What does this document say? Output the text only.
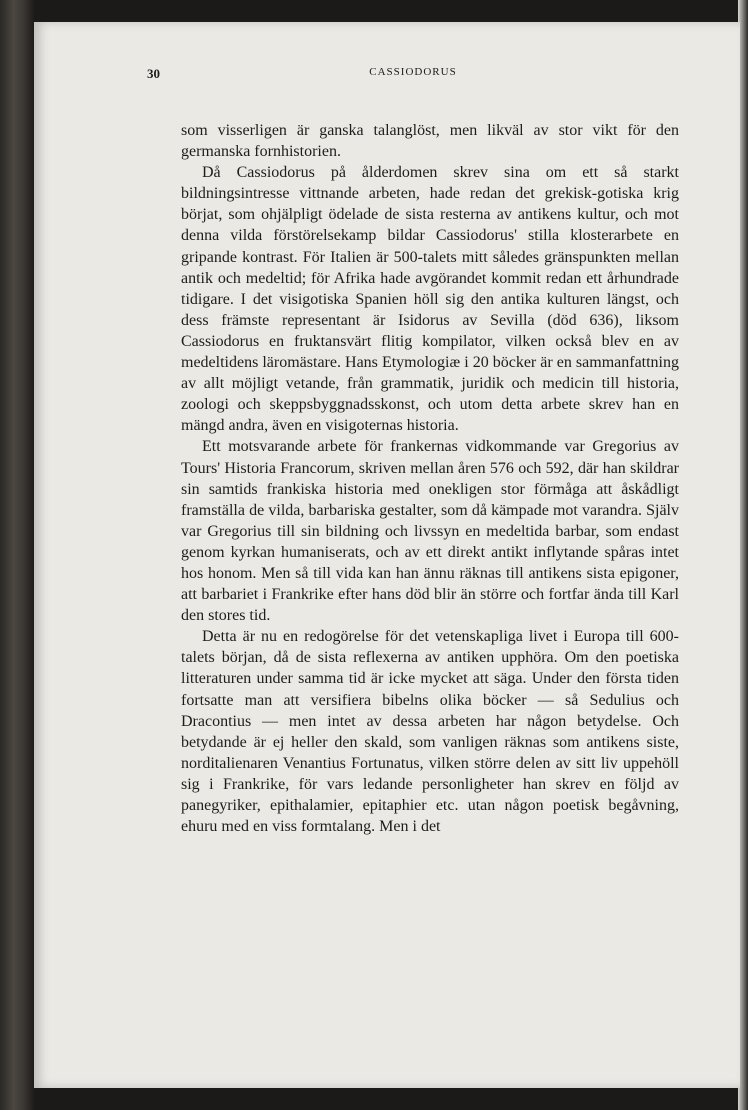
30	CASSIODORUS

som visserligen är ganska talanglöst, men likväl av stor vikt för den germanska fornhistorien.

Då Cassiodorus på ålderdomen skrev sina om ett så starkt bildningsintresse vittnande arbeten, hade redan det grekisk-gotiska krig börjat, som ohjälpligt ödelade de sista resterna av antikens kultur, och mot denna vilda förstörelsekamp bildar Cassiodorus' stilla klosterarbete en gripande kontrast. För Italien är 500-talets mitt således gränspunkten mellan antik och medeltid; för Afrika hade avgörandet kommit redan ett århundrade tidigare. I det visigotiska Spanien höll sig den antika kulturen längst, och dess främste representant är Isidorus av Sevilla (död 636), liksom Cassiodorus en fruktansvärt flitig kompilator, vilken också blev en av medeltidens läromästare. Hans Etymologiæ i 20 böcker är en sammanfattning av allt möjligt vetande, från grammatik, juridik och medicin till historia, zoologi och skeppsbyggnadsskonst, och utom detta arbete skrev han en mängd andra, även en visigoternas historia.

Ett motsvarande arbete för frankernas vidkommande var Gregorius av Tours' Historia Francorum, skriven mellan åren 576 och 592, där han skildrar sin samtids frankiska historia med onekligen stor förmåga att åskådligt framställa de vilda, barbariska gestalter, som då kämpade mot varandra. Själv var Gregorius till sin bildning och livssyn en medeltida barbar, som endast genom kyrkan humaniserats, och av ett direkt antikt inflytande spåras intet hos honom. Men så till vida kan han ännu räknas till antikens sista epigoner, att barbariet i Frankrike efter hans död blir än större och fortfar ända till Karl den stores tid.

Detta är nu en redogörelse för det vetenskapliga livet i Europa till 600-talets början, då de sista reflexerna av antiken upphöra. Om den poetiska litteraturen under samma tid är icke mycket att säga. Under den första tiden fortsatte man att versifiera bibelns olika böcker — så Sedulius och Dracontius — men intet av dessa arbeten har någon betydelse. Och betydande är ej heller den skald, som vanligen räknas som antikens siste, norditalienaren Venantius Fortunatus, vilken större delen av sitt liv uppehöll sig i Frankrike, för vars ledande personligheter han skrev en följd av panegyriker, epithalamier, epitaphier etc. utan någon poetisk begåvning, ehuru med en viss formtalang. Men i det
